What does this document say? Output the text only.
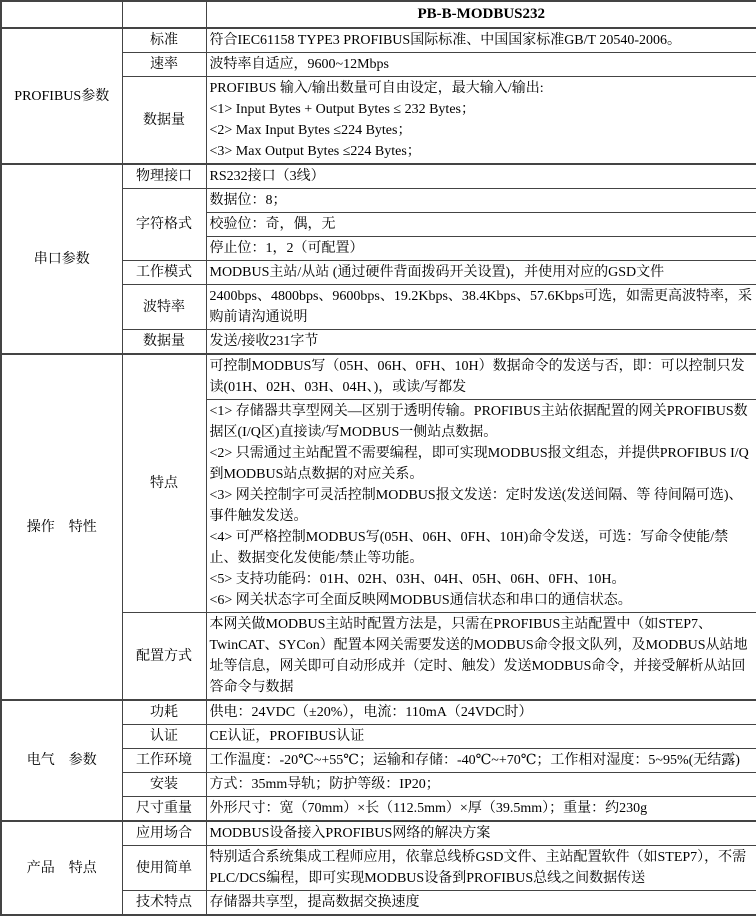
		PB-B-MODBUS232
PROFIBUS参数	标准	符合IEC61158 TYPE3 PROFIBUS国际标准、中国国家标准GB/T 20540-2006。

	速率	波特率自适应，9600~12Mbps

	数据量	PROFIBUS 输入/输出数量可自由设定，最大输入/输出:
<1> Input Bytes + Output Bytes ≤ 232 Bytes；
<2> Max Input Bytes ≤224 Bytes；
<3> Max Output Bytes ≤224 Bytes；

串口参数	物理接口	RS232接口（3线）

	字符格式	数据位：8；

		校验位：奇，偶，无

		停止位：1，2（可配置）

	工作模式	MODBUS主站/从站 (通过硬件背面拨码开关设置)，并使用对应的GSD文件

	波特率	2400bps、4800bps、9600bps、19.2Kbps、38.4Kbps、57.6Kbps可选，如需更高波特率，采购前请沟通说明

	数据量	发送/接收231字节

操作　特性	特点	可控制MODBUS写（05H、06H、0FH、10H）数据命令的发送与否，即：可以控制只发读(01H、02H、03H、04H、)，或读/写都发

<1> 存储器共享型网关—区别于透明传输。PROFIBUS主站依据配置的网关PROFIBUS数据区(I/Q区)直接读/写MODBUS一侧站点数据。
<2> 只需通过主站配置不需要编程，即可实现MODBUS报文组态，并提供PROFIBUS I/Q到MODBUS站点数据的对应关系。
<3> 网关控制字可灵活控制MODBUS报文发送：定时发送(发送间隔、等 待间隔可选)、事件触发发送。
<4> 可严格控制MODBUS写(05H、06H、0FH、10H)命令发送，可选：写命令使能/禁止、数据变化发使能/禁止等功能。
<5> 支持功能码：01H、02H、03H、04H、05H、06H、0FH、10H。
<6> 网关状态字可全面反映网MODBUS通信状态和串口的通信状态。

	配置方式	本网关做MODBUS主站时配置方法是，只需在PROFIBUS主站配置中（如STEP7、TwinCAT、SYCon）配置本网关需要发送的MODBUS命令报文队列，及MODBUS从站地址等信息，网关即可自动形成并（定时、触发）发送MODBUS命令，并接受解析从站回答命令与数据

电气　参数	功耗	供电：24VDC（±20%），电流：110mA（24VDC时）

	认证	CE认证，PROFIBUS认证

	工作环境	工作温度：-20℃~+55℃；运输和存储：-40℃~+70℃；工作相对湿度：5~95%(无结露)

	安装	方式：35mm导轨；防护等级：IP20；

	尺寸重量	外形尺寸：宽（70mm）×长（112.5mm）×厚（39.5mm）；重量：约230g

产品　特点	应用场合	MODBUS设备接入PROFIBUS网络的解决方案

	使用简单	特别适合系统集成工程师应用，依靠总线桥GSD文件、主站配置软件（如STEP7），不需PLC/DCS编程，即可实现MODBUS设备到PROFIBUS总线之间数据传送

	技术特点	存储器共享型，提高数据交换速度
